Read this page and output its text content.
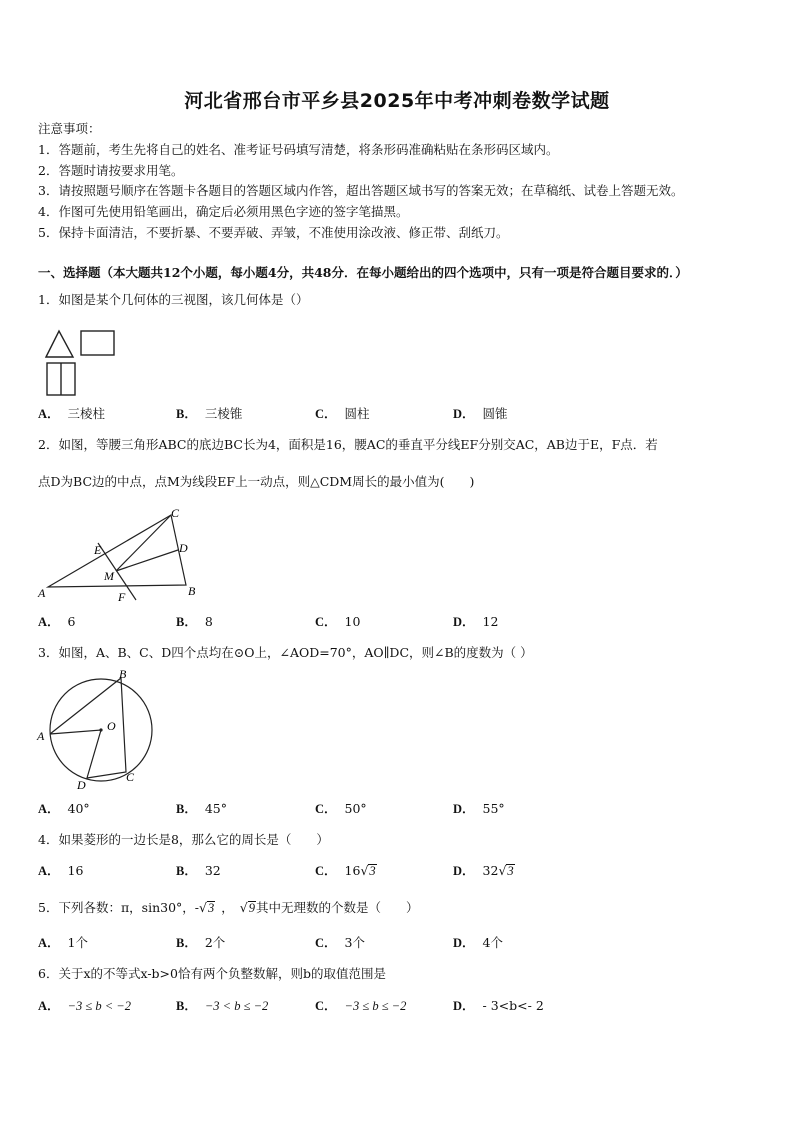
河北省邢台市平乡县2025年中考冲刺卷数学试题
注意事项：
1．答题前，考生先将自己的姓名、准考证号码填写清楚，将条形码准确粘贴在条形码区域内。
2．答题时请按要求用笔。
3．请按照题号顺序在答题卡各题目的答题区域内作答，超出答题区域书写的答案无效；在草稿纸、试卷上答题无效。
4．作图可先使用铅笔画出，确定后必须用黑色字迹的签字笔描黑。
5．保持卡面清洁，不要折暴、不要弄破、弄皱，不准使用涂改液、修正带、刮纸刀。
一、选择题（本大题共12个小题，每小题4分，共48分．在每小题给出的四个选项中，只有一项是符合题目要求的．）
1．如图是某个几何体的三视图，该几何体是（）
A． 三棱柱	B． 三棱锥	C． 圆柱	D． 圆锥
2．如图，等腰三角形ABC的底边BC长为4，面积是16，腰AC的垂直平分线EF分别交AC，AB边于E，F点．若
点D为BC边的中点，点M为线段EF上一动点，则△CDM周长的最小值为(　　)
A	B
C
D
E
F
M
A． 6	B． 8	C． 10	D． 12
3．如图，A、B、C、D四个点均在⊙O上，∠AOD=70°，AO∥DC，则∠B的度数为（ ）
A
B
C
D
O
A． 40°	B． 45°	C． 50°	D． 55°
4．如果菱形的一边长是8，那么它的周长是（　　）
A． 16	B． 32	C． 16√3	D． 32√3
5．下列各数：π，sin30°，-√3 ， √9其中无理数的个数是（　　）
A． 1个	B． 2个	C． 3个	D． 4个
6．关于x的不等式x-b>0恰有两个负整数解，则b的取值范围是
A． −3 ≤ b < −2	B． −3 < b ≤ −2	C． −3 ≤ b ≤ −2	D． - 3<b<- 2
